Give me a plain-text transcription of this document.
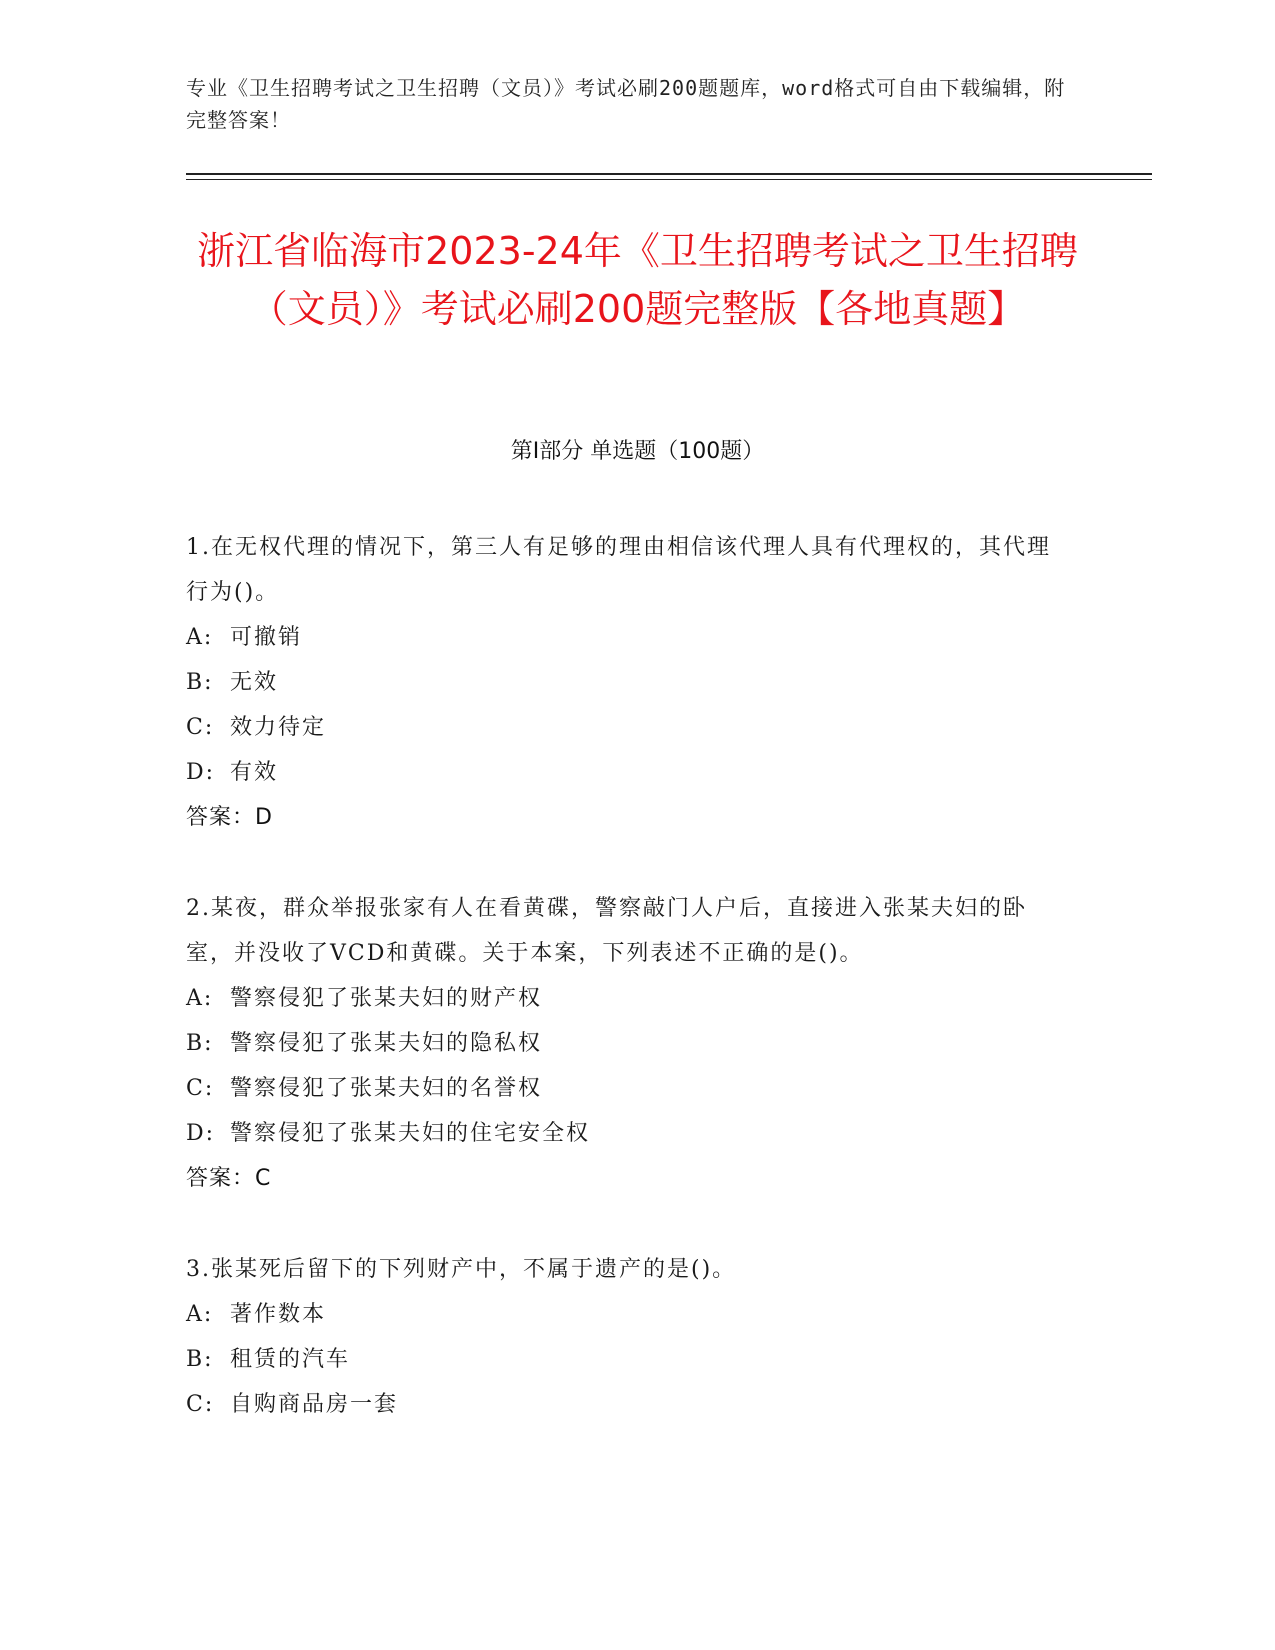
专业《卫生招聘考试之卫生招聘（文员）》考试必刷200题题库，word格式可自由下载编辑，附完整答案！
浙江省临海市2023-24年《卫生招聘考试之卫生招聘（文员）》考试必刷200题完整版【各地真题】
第Ⅰ部分 单选题（100题）
1.在无权代理的情况下，第三人有足够的理由相信该代理人具有代理权的，其代理行为()。
A: 可撤销
B: 无效
C: 效力待定
D: 有效
答案：D
2.某夜，群众举报张家有人在看黄碟，警察敲门人户后，直接进入张某夫妇的卧室，并没收了VCD和黄碟。关于本案，下列表述不正确的是()。
A: 警察侵犯了张某夫妇的财产权
B: 警察侵犯了张某夫妇的隐私权
C: 警察侵犯了张某夫妇的名誉权
D: 警察侵犯了张某夫妇的住宅安全权
答案：C
3.张某死后留下的下列财产中，不属于遗产的是()。
A: 著作数本
B: 租赁的汽车
C: 自购商品房一套
